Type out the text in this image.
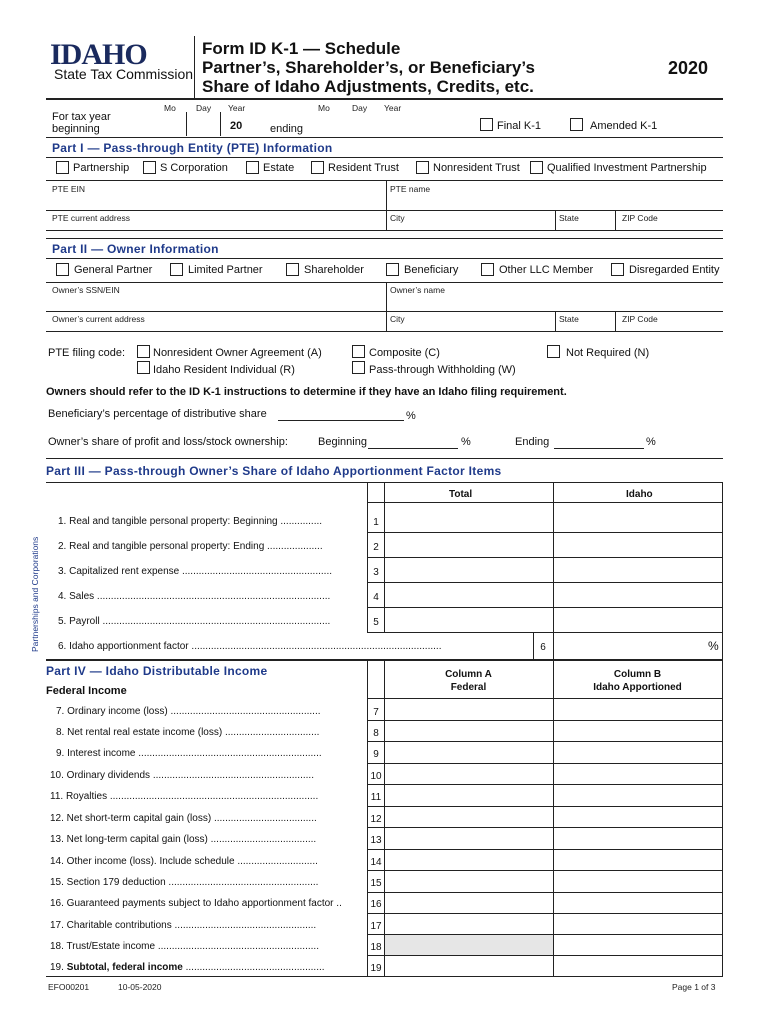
IDAHO
State Tax Commission
Form ID K-1 — Schedule
Partner’s, Shareholder’s, or Beneficiary’s
Share of Idaho Adjustments, Credits, etc.
2020
Mo Day Year	Mo	Day Year
For tax year
beginning	20	ending	Final K-1	Amended K-1
Part I — Pass-through Entity (PTE) Information
Partnership	S Corporation	Estate	Resident Trust	Nonresident Trust Qualified Investment Partnership
PTE EIN	PTE name
PTE current address	City	State	ZIP Code
Part II — Owner Information
General Partner	Limited Partner	Shareholder	Beneficiary	Other LLC Member	Disregarded Entity
Owner’s SSN/EIN	Owner’s name
Owner’s current address	City	State	ZIP Code
PTE filing code:	Nonresident Owner Agreement (A)
Idaho Resident Individual (R)
Composite (C)
Pass-through Withholding (W)
Not Required (N)
Owners should refer to the ID K-1 instructions to determine if they have an Idaho filing requirement.
Beneficiary’s percentage of distributive share	%
Owner’s share of profit and loss/stock ownership:	Beginning	%	Ending	%
Part III — Pass-through Owner’s Share of Idaho Apportionment Factor Items
Total	Idaho
Partnerships and Corporations
1. Real and tangible personal property: Beginning ...............	1
2. Real and tangible personal property: Ending ....................	2
3. Capitalized rent expense ......................................................	3
4. Sales ....................................................................................	4
5. Payroll ..................................................................................	5
6. Idaho apportionment factor ..........................................................................................	6	%
Part IV — Idaho Distributable Income
Federal Income
Column A
Federal
Column B
Idaho Apportioned
7. Ordinary income (loss) ......................................................	7
8. Net rental real estate income (loss) ..................................	8
9. Interest income ..................................................................	9
10. Ordinary dividends ..........................................................	10
11. Royalties ...........................................................................	11
12. Net short-term capital gain (loss) .....................................	12
13. Net long-term capital gain (loss) ......................................	13
14. Other income (loss). Include schedule .............................	14
15. Section 179 deduction ......................................................	15
16. Guaranteed payments subject to Idaho apportionment factor ..	16
17. Charitable contributions ...................................................	17
18. Trust/Estate income ..........................................................	18
19. Subtotal, federal income ..................................................	19
EFO00201	10-05-2020	Page 1 of 3
